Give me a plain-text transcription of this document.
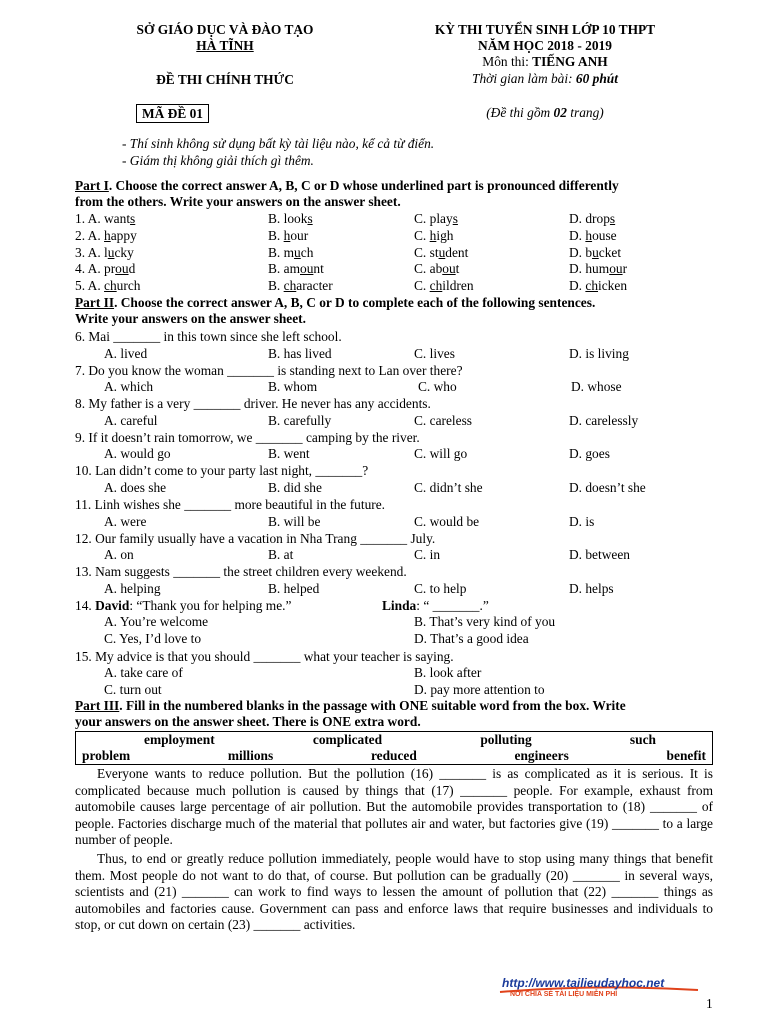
SỞ GIÁO DỤC VÀ ĐÀO TẠO
HÀ TĨNH
ĐỀ THI CHÍNH THỨC
MÃ ĐỀ 01
KỲ THI TUYỂN SINH LỚP 10 THPT
NĂM HỌC 2018 - 2019
Môn thi: TIẾNG ANH
Thời gian làm bài: 60 phút
(Đề thi gồm 02 trang)
- Thí sinh không sử dụng bất kỳ tài liệu nào, kể cả từ điển.
- Giám thị không giải thích gì thêm.
Part I. Choose the correct answer A, B, C or D whose underlined part is pronounced differently
from the others. Write your answers on the answer sheet.
1. A. wants	B. looks	C. plays	D. drops
2. A. happy	B. hour	C. high	D. house
3. A. lucky	B. much	C. student	D. bucket
4. A. proud	B. amount	C. about	D. humour
5. A. church	B. character	C. children	D. chicken
Part II. Choose the correct answer A, B, C or D to complete each of the following sentences.
Write your answers on the answer sheet.
6. Mai _______ in this town since she left school.
A. lived	B. has lived	C. lives	D. is living
7. Do you know the woman _______ is standing next to Lan over there?
A. which	B. whom	C. who	D. whose
8. My father is a very _______ driver. He never has any accidents.
A. careful	B. carefully	C. careless	D. carelessly
9. If it doesn’t rain tomorrow, we _______ camping by the river.
A. would go	B. went	C. will go	D. goes
10. Lan didn’t come to your party last night, _______?
A. does she	B. did she	C. didn’t she	D. doesn’t she
11. Linh wishes she _______ more beautiful in the future.
A. were	B. will be	C. would be	D. is
12. Our family usually have a vacation in Nha Trang _______ July.
A. on	B. at	C. in	D. between
13. Nam suggests _______ the street children every weekend.
A. helping	B. helped	C. to help	D. helps
14. David: “Thank you for helping me.”	Linda: “ _______.”
A. You’re welcome	B. That’s very kind of you
C. Yes, I’d love to	D. That’s a good idea
15. My advice is that you should _______ what your teacher is saying.
A. take care of	B. look after
C. turn out	D. pay more attention to
Part III. Fill in the numbered blanks in the passage with ONE suitable word from the box. Write
your answers on the answer sheet. There is ONE extra word.
employment	complicated	polluting	such
problem	millions	reduced	engineers	benefit

Everyone wants to reduce pollution. But the pollution (16) _______ is as complicated as it is serious. It is complicated because much pollution is caused by things that (17) _______ people. For example, exhaust from automobile causes large percentage of air pollution. But the automobile provides transportation to (18) _______ of people. Factories discharge much of the material that pollutes air and water, but factories give (19) _______ to a large number of people.

Thus, to end or greatly reduce pollution immediately, people would have to stop using many things that benefit them. Most people do not want to do that, of course. But pollution can be gradually (20) _______ in several ways, scientists and (21) _______ can work to find ways to lessen the amount of pollution that (22) _______ things as automobiles and factories cause. Government can pass and enforce laws that require businesses and individuals to stop, or cut down on certain (23) _______ activities.

http://www.tailieudayhoc.net
NƠI CHIA SẺ TÀI LIỆU MIỄN PHÍ
1
